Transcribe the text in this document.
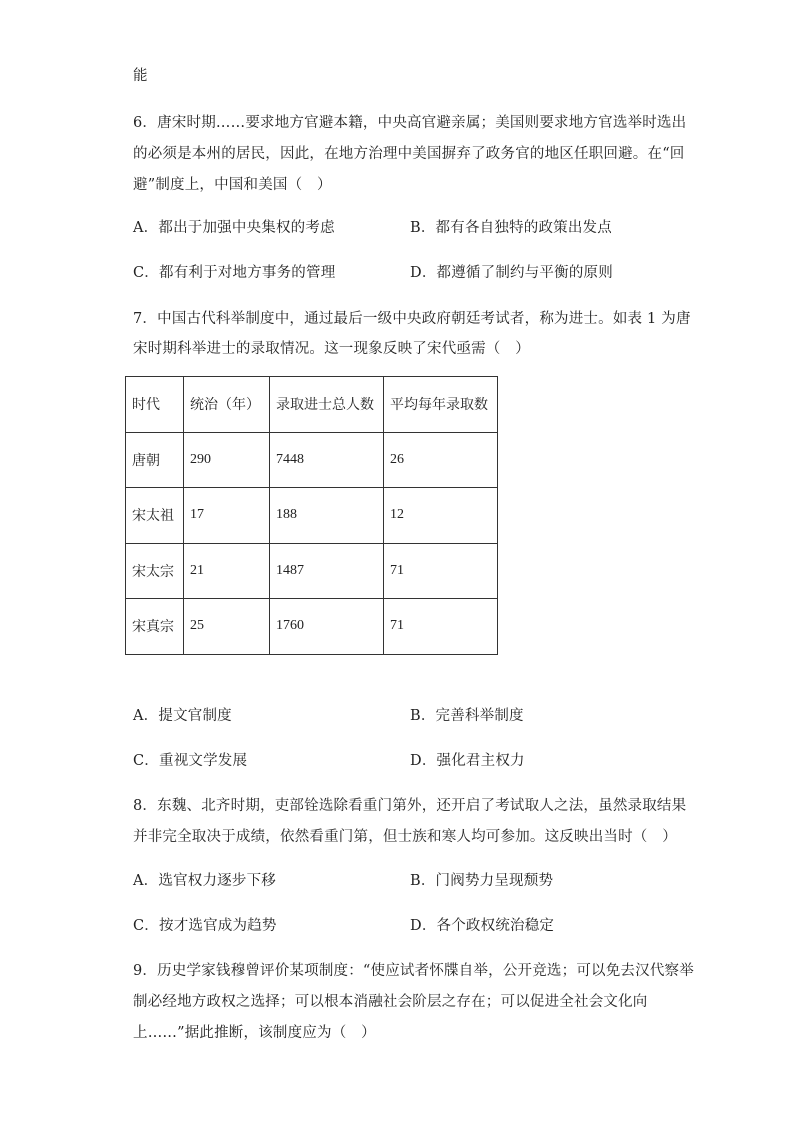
能
6．唐宋时期……要求地方官避本籍，中央高官避亲属；美国则要求地方官选举时选出
的必须是本州的居民，因此，在地方治理中美国摒弃了政务官的地区任职回避。在“回
避”制度上，中国和美国（　）
A．都出于加强中央集权的考虑	B．都有各自独特的政策出发点
C．都有利于对地方事务的管理	D．都遵循了制约与平衡的原则
7．中国古代科举制度中，通过最后一级中央政府朝廷考试者，称为进士。如表 1 为唐
宋时期科举进士的录取情况。这一现象反映了宋代亟需（　）
时代	统治（年）	录取进士总人数	平均每年录取数
唐朝	290	7448	26
宋太祖	17	188	12
宋太宗	21	1487	71
宋真宗	25	1760	71
A．提文官制度	B．完善科举制度
C．重视文学发展	D．强化君主权力
8．东魏、北齐时期，吏部铨选除看重门第外，还开启了考试取人之法，虽然录取结果
并非完全取决于成绩，依然看重门第，但士族和寒人均可参加。这反映出当时（　）
A．选官权力逐步下移	B．门阀势力呈现颓势
C．按才选官成为趋势	D．各个政权统治稳定
9．历史学家钱穆曾评价某项制度：“使应试者怀牒自举，公开竞选；可以免去汉代察举
制必经地方政权之选择；可以根本消融社会阶层之存在；可以促进全社会文化向
上……”据此推断，该制度应为（　）
